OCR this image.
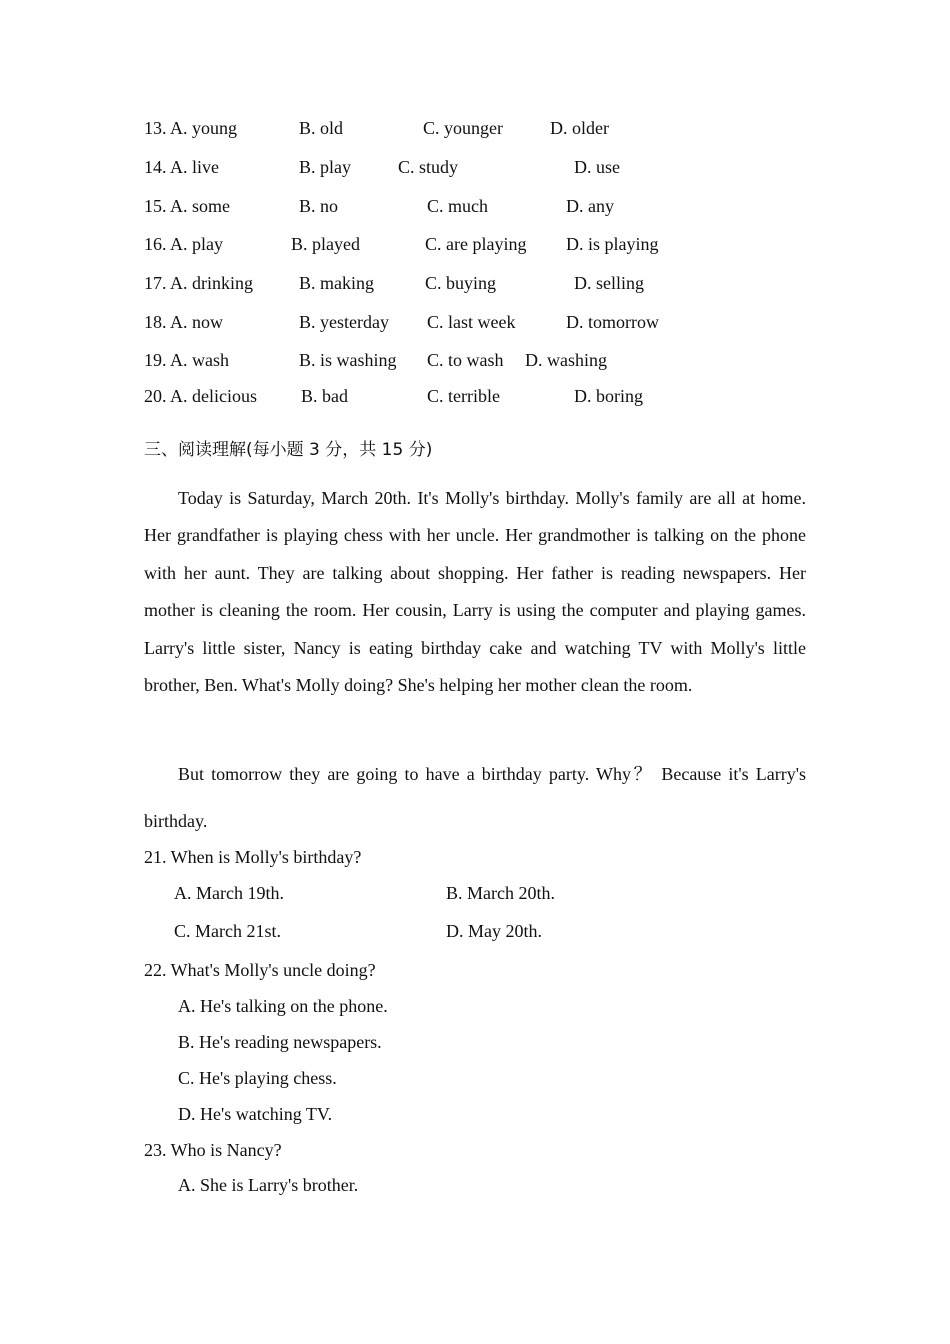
13. A. young	B. old	C. younger	D. older
14. A. live	B. play	C. study	D. use
15. A. some	B. no	C. much	D. any
16. A. play	B. played	C. are playing D. is playing
17. A. drinking	B. making	C. buying	D. selling
18. A. now	B. yesterday C. last week	D. tomorrow
19. A. wash	B. is washing C. to wash D. washing
20. A. delicious B. bad	C. terrible	D. boring
三、阅读理解(每小题 3 分，共 15 分)
Today is Saturday, March 20th. It's Molly's birthday. Molly's family are all at home. Her grandfather is playing chess with her uncle. Her grandmother is talking on the phone with her aunt. They are talking about shopping. Her father is reading newspapers. Her mother is cleaning the room. Her cousin, Larry is using the computer and playing games. Larry's little sister, Nancy is eating birthday cake and watching TV with Molly's little brother, Ben. What's Molly doing? She's helping her mother clean the room.
But tomorrow they are going to have a birthday party. Why？ Because it's Larry's
birthday.
21. When is Molly's birthday?
A. March 19th.	B. March 20th.
C. March 21st.	D. May 20th.
22. What's Molly's uncle doing?
A. He's talking on the phone.
B. He's reading newspapers.
C. He's playing chess.
D. He's watching TV.
23. Who is Nancy?
A. She is Larry's brother.
